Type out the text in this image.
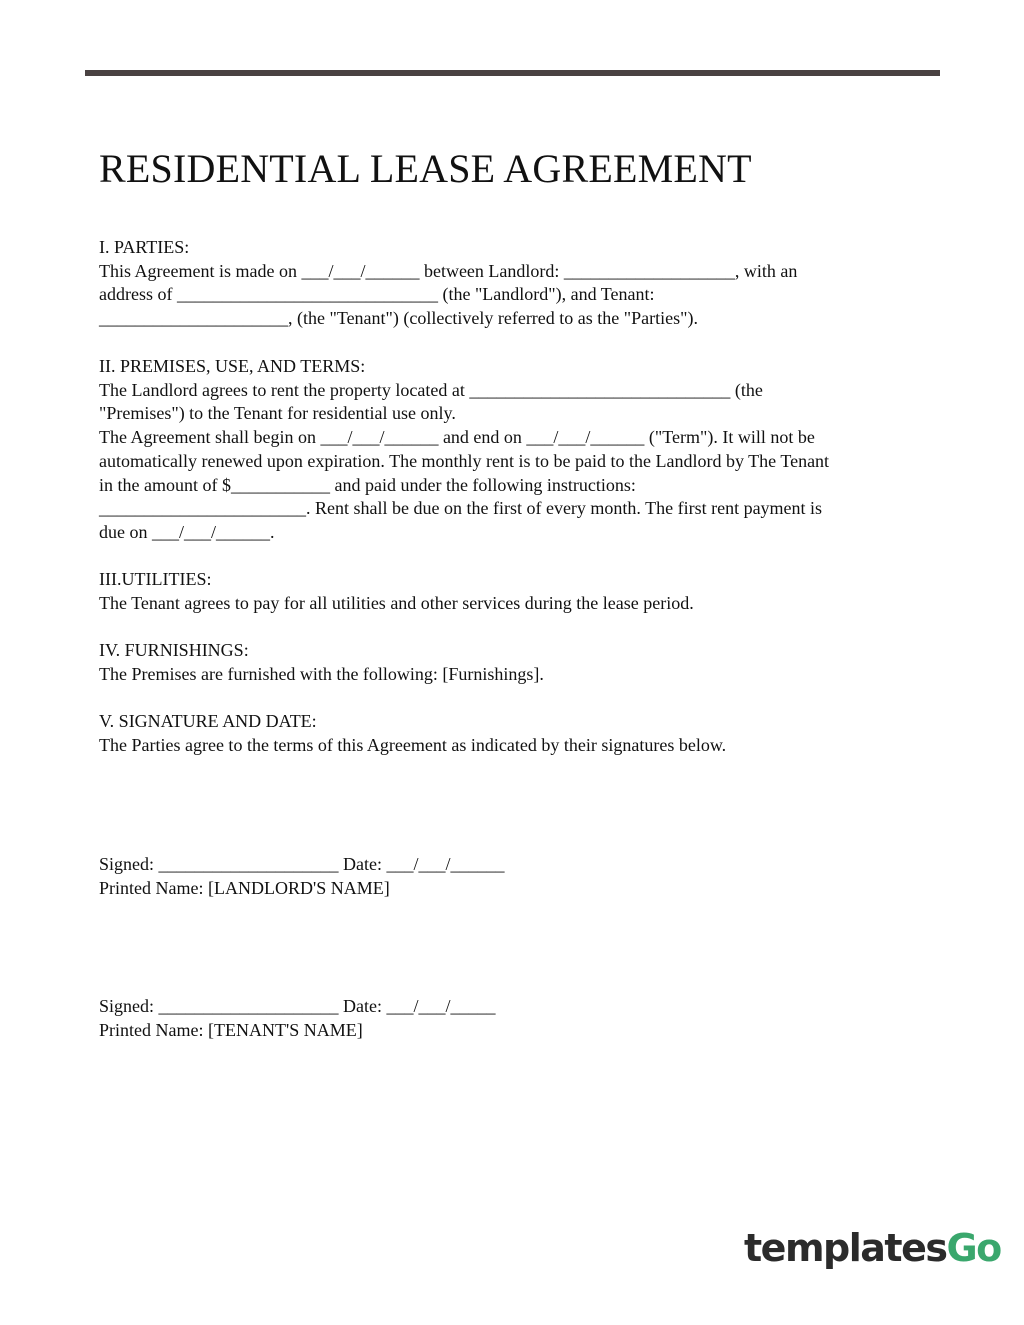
RESIDENTIAL LEASE AGREEMENT
I. PARTIES:
This Agreement is made on ___/___/______ between Landlord: ___________________, with an
address of _____________________________ (the "Landlord"), and Tenant:
_____________________, (the "Tenant") (collectively referred to as the "Parties").
II. PREMISES, USE, AND TERMS:
The Landlord agrees to rent the property located at _____________________________ (the
"Premises") to the Tenant for residential use only.
The Agreement shall begin on ___/___/______ and end on ___/___/______ ("Term"). It will not be
automatically renewed upon expiration. The monthly rent is to be paid to the Landlord by The Tenant
in the amount of $___________ and paid under the following instructions:
_______________________. Rent shall be due on the first of every month. The first rent payment is
due on ___/___/______.
III.UTILITIES:
The Tenant agrees to pay for all utilities and other services during the lease period.
IV. FURNISHINGS:
The Premises are furnished with the following: [Furnishings].
V. SIGNATURE AND DATE:
The Parties agree to the terms of this Agreement as indicated by their signatures below.
Signed: ____________________ Date: ___/___/______
Printed Name: [LANDLORD'S NAME]
Signed: ____________________ Date: ___/___/_____
Printed Name: [TENANT'S NAME]
templatesGo
